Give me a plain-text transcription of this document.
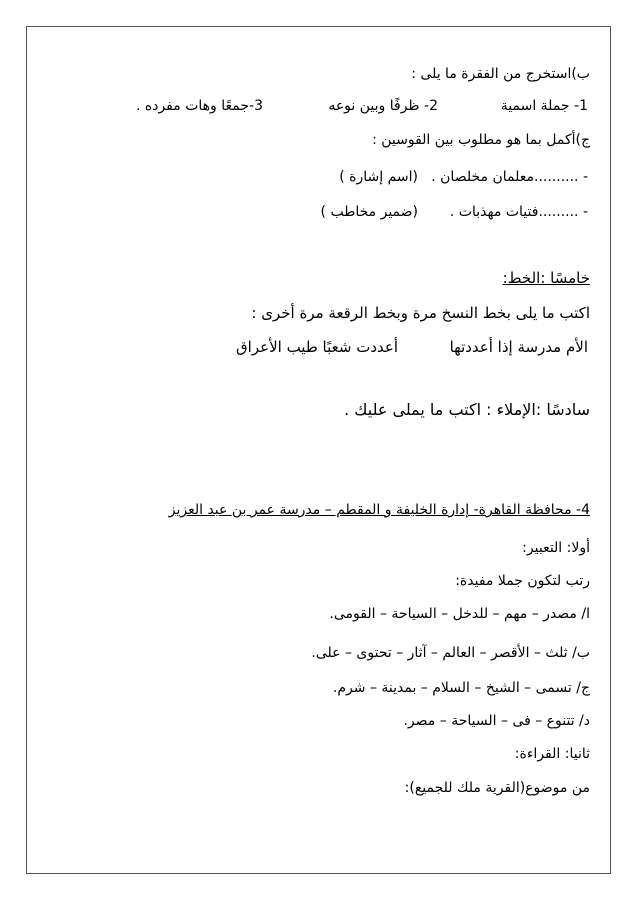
ب)استخرج من الفقرة ما يلى :
1- جملة اسمية
2- ظرفًا وبين نوعه
3-جمعًا وهات مفرده .
ج)أكمل بما هو مطلوب بين القوسين :
- ..........معلمان مخلصان .
(اسم إشارة )
- .........فتيات مهذبات .
(ضمير مخاطب )
خامسًا :الخط:
اكتب ما يلى بخط النسخ مرة وبخط الرقعة مرة أخرى :
الأم مدرسة إذا أعددتها
أعددت شعبًا طيب الأعراق
سادسًا :الإملاء : اكتب ما يملى عليك .
4- محافظة القاهرة- إدارة الخليفة و المقطم – مدرسة عمر بن عبد العزيز
أولا: التعبير:
رتب لتكون جملا مفيدة:
ا/ مصدر – مهم – للدخل – السياحة – القومى.
ب/ ثلث – الأقصر – العالم – آثار – تحتوى – على.
ج/ تسمى – الشيخ – السلام – بمدينة – شرم.
د/ تتنوع – فى – السياحة – مصر.
ثانيا: القراءة:
من موضوع(القرية ملك للجميع):
